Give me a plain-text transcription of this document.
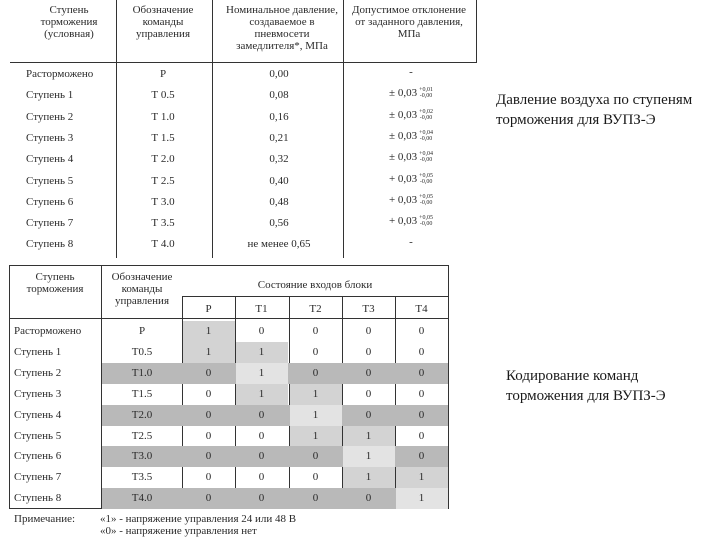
Ступень торможения (условная)
Обозначение команды управления
Номинальное давление, создаваемое в пневмосети замедлителя*, МПа
Допустимое отклонение от заданного давления, МПа
Расторможено	Р	0,00	-
Ступень 1	Т 0.5	0,08	± 0,03 +0,01
-0,00
Ступень 2	Т 1.0	0,16	± 0,03 +0,02
-0,00
Ступень 3	Т 1.5	0,21	± 0,03 +0,04
-0,00
Ступень 4	Т 2.0	0,32	± 0,03 +0,04
-0,00
Ступень 5	Т 2.5	0,40	+ 0,03 +0,05
-0,00
Ступень 6	Т 3.0	0,48	+ 0,03 +0,05
-0,00
Ступень 7	Т 3.5	0,56	+ 0,03 +0,05
-0,00
Ступень 8	Т 4.0	не менее 0,65	-
Давление воздуха по ступеням торможения для ВУПЗ-Э
Ступень торможения
Обозначение команды управления
Состояние входов блоки
Р	Т1	Т2	Т3	Т4
Расторможено	Р	1	0	0	0	0
Ступень 1	Т0.5	1	1	0	0	0
Ступень 2	Т1.0	0	1	0	0	0
Ступень 3	Т1.5	0	1	1	0	0
Ступень 4	Т2.0	0	0	1	0	0
Ступень 5	Т2.5	0	0	1	1	0
Ступень 6	Т3.0	0	0	0	1	0
Ступень 7	Т3.5	0	0	0	1	1
Ступень 8	Т4.0	0	0	0	0	1
Примечание: «1» - напряжение управления 24 или 48 В
«0» - напряжение управления нет
Кодирование команд торможения для ВУПЗ-Э
